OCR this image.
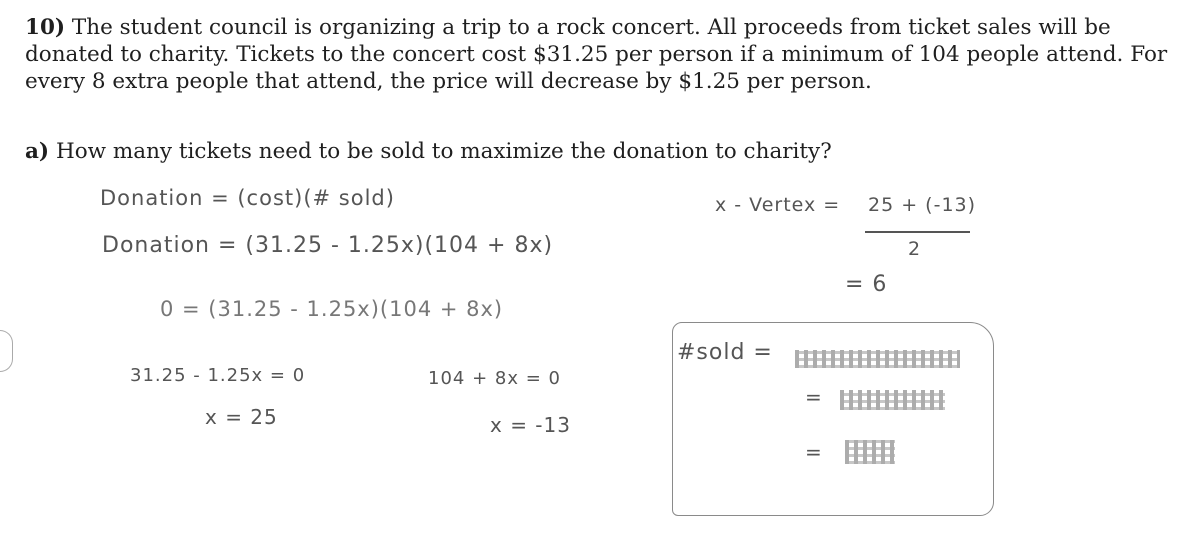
10) The student council is organizing a trip to a rock concert. All proceeds from ticket sales will be donated to charity. Tickets to the concert cost $31.25 per person if a minimum of 104 people attend. For every 8 extra people that attend, the price will decrease by $1.25 per person.

a) How many tickets need to be sold to maximize the donation to charity?

Donation = (cost)(# sold)
Donation = (31.25 - 1.25x)(104 + 8x)
0 = (31.25 - 1.25x)(104 + 8x)
31.25 - 1.25x = 0
x = 25
104 + 8x = 0
x = -13
x - Vertex = 25 + (-13)
2
= 6
#sold =
=
=
